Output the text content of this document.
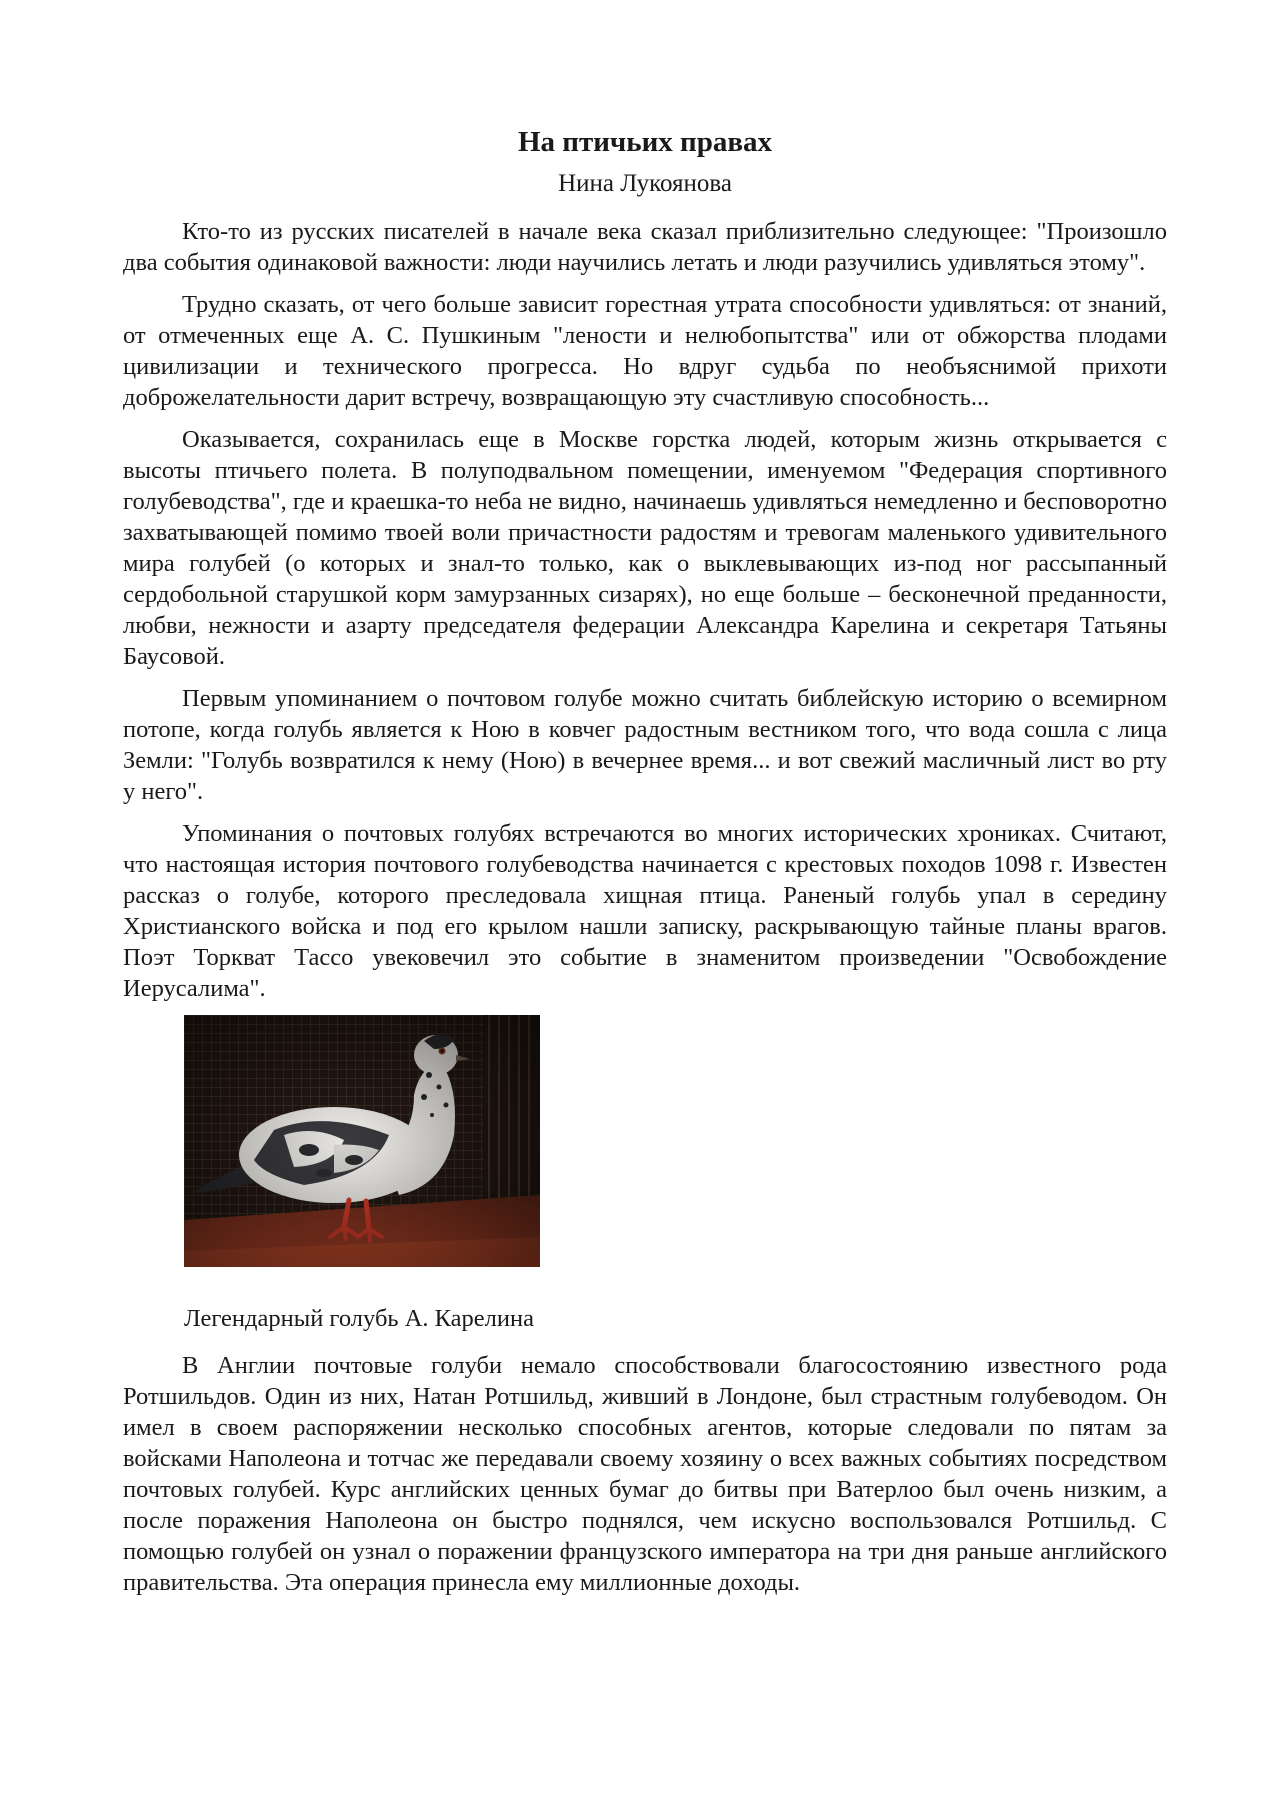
На птичьих правах
Нина Лукоянова

Кто-то из русских писателей в начале века сказал приблизительно следующее: "Произошло два события одинаковой важности: люди научились летать и люди разучились удивляться этому".

Трудно сказать, от чего больше зависит горестная утрата способности удивляться: от знаний, от отмеченных еще А. С. Пушкиным "лености и нелюбопытства" или от обжорства плодами цивилизации и технического прогресса. Но вдруг судьба по необъяснимой прихоти доброжелательности дарит встречу, возвращающую эту счастливую способность...

Оказывается, сохранилась еще в Москве горстка людей, которым жизнь открывается с высоты птичьего полета. В полуподвальном помещении, именуемом "Федерация спортивного голубеводства", где и краешка-то неба не видно, начинаешь удивляться немедленно и бесповоротно захватывающей помимо твоей воли причастности радостям и тревогам маленького удивительного мира голубей (о которых и знал-то только, как о выклевывающих из-под ног рассыпанный сердобольной старушкой корм замурзанных сизарях), но еще больше – бесконечной преданности, любви, нежности и азарту председателя федерации Александра Карелина и секретаря Татьяны Баусовой.

Первым упоминанием о почтовом голубе можно считать библейскую историю о всемирном потопе, когда голубь является к Ною в ковчег радостным вестником того, что вода сошла с лица Земли: "Голубь возвратился к нему (Ною) в вечернее время... и вот свежий масличный лист во рту у него".

Упоминания о почтовых голубях встречаются во многих исторических хрониках. Считают, что настоящая история почтового голубеводства начинается с крестовых походов 1098 г. Известен рассказ о голубе, которого преследовала хищная птица. Раненый голубь упал в середину Христианского войска и под его крылом нашли записку, раскрывающую тайные планы врагов. Поэт Торкват Тассо увековечил это событие в знаменитом произведении "Освобождение Иерусалима".

Легендарный голубь А. Карелина

В Англии почтовые голуби немало способствовали благосостоянию известного рода Ротшильдов. Один из них, Натан Ротшильд, живший в Лондоне, был страстным голубеводом. Он имел в своем распоряжении несколько способных агентов, которые следовали по пятам за войсками Наполеона и тотчас же передавали своему хозяину о всех важных событиях посредством почтовых голубей. Курс английских ценных бумаг до битвы при Ватерлоо был очень низким, а после поражения Наполеона он быстро поднялся, чем искусно воспользовался Ротшильд. С помощью голубей он узнал о поражении французского императора на три дня раньше английского правительства. Эта операция принесла ему миллионные доходы.
